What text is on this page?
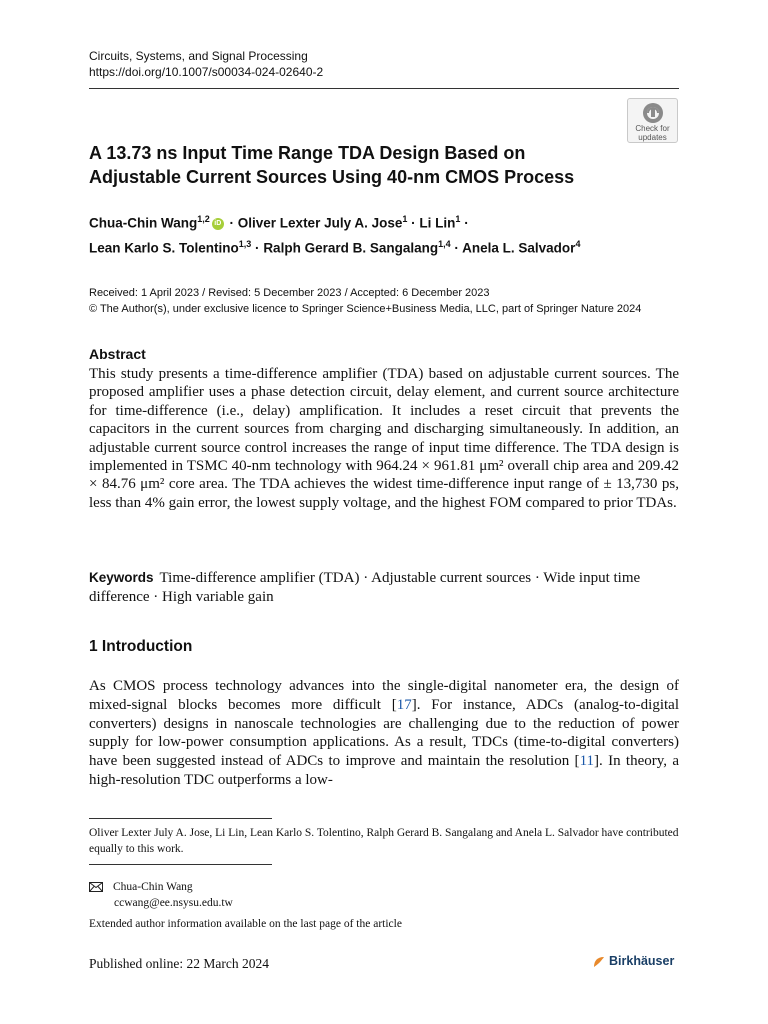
Circuits, Systems, and Signal Processing
https://doi.org/10.1007/s00034-024-02640-2
Check for
updates
A 13.73 ns Input Time Range TDA Design Based on
Adjustable Current Sources Using 40-nm CMOS Process
Chua-Chin Wang$^{1,2}$ iD · Oliver Lexter July A. Jose$^1$ · Li Lin$^1$ ·
Lean Karlo S. Tolentino$^{1,3}$ · Ralph Gerard B. Sangalang$^{1,4}$ · Anela L. Salvador$^4$
Received: 1 April 2023 / Revised: 5 December 2023 / Accepted: 6 December 2023
© The Author(s), under exclusive licence to Springer Science+Business Media, LLC, part of Springer Nature 2024
Abstract
This study presents a time-difference amplifier (TDA) based on adjustable current sources. The proposed amplifier uses a phase detection circuit, delay element, and current source architecture for time-difference (i.e., delay) amplification. It includes a reset circuit that prevents the capacitors in the current sources from charging and discharging simultaneously. In addition, an adjustable current source control increases the range of input time difference. The TDA design is implemented in TSMC 40-nm technology with 964.24 × 961.81 μm² overall chip area and 209.42 × 84.76 μm² core area. The TDA achieves the widest time-difference input range of ± 13,730 ps, less than 4% gain error, the lowest supply voltage, and the highest FOM compared to prior TDAs.
Keywords Time-difference amplifier (TDA) · Adjustable current sources · Wide input time difference · High variable gain
1 Introduction
As CMOS process technology advances into the single-digital nanometer era, the design of mixed-signal blocks becomes more difficult [17]. For instance, ADCs (analog-to-digital converters) designs in nanoscale technologies are challenging due to the reduction of power supply for low-power consumption applications. As a result, TDCs (time-to-digital converters) have been suggested instead of ADCs to improve and maintain the resolution [11]. In theory, a high-resolution TDC outperforms a low-
Oliver Lexter July A. Jose, Li Lin, Lean Karlo S. Tolentino, Ralph Gerard B. Sangalang and Anela L. Salvador have contributed equally to this work.
Chua-Chin Wang
ccwang@ee.nsysu.edu.tw
Extended author information available on the last page of the article
Published online: 22 March 2024	Birkhäuser
